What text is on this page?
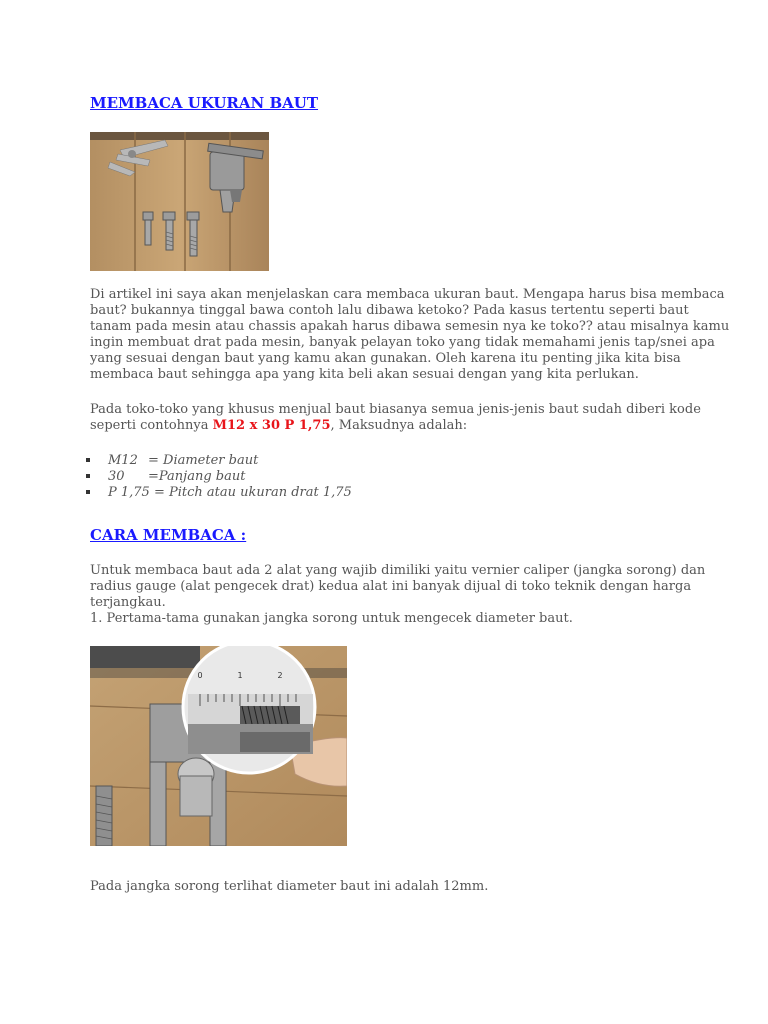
MEMBACA UKURAN BAUT
Di artikel ini saya akan menjelaskan cara membaca ukuran baut. Mengapa harus bisa membaca
baut? bukannya tinggal bawa contoh lalu dibawa ketoko? Pada kasus tertentu seperti baut
tanam pada mesin atau chassis apakah harus dibawa semesin nya ke toko?? atau misalnya kamu
ingin membuat drat pada mesin, banyak pelayan toko yang tidak memahami jenis tap/snei apa
yang sesuai dengan baut yang kamu akan gunakan. Oleh karena itu penting jika kita bisa
membaca baut sehingga apa yang kita beli akan sesuai dengan yang kita perlukan.
Pada toko-toko yang khusus menjual baut biasanya semua jenis-jenis baut sudah diberi kode
seperti contohnya M12 x 30 P 1,75, Maksudnya adalah:
M12 = Diameter baut
30 =Panjang baut
P 1,75 = Pitch atau ukuran drat 1,75
CARA MEMBACA :
Untuk membaca baut ada 2 alat yang wajib dimiliki yaitu vernier caliper (jangka sorong) dan
radius gauge (alat pengecek drat) kedua alat ini banyak dijual di toko teknik dengan harga
terjangkau.
1. Pertama-tama gunakan jangka sorong untuk mengecek diameter baut.
0	1	2

Pada jangka sorong terlihat diameter baut ini adalah 12mm.
